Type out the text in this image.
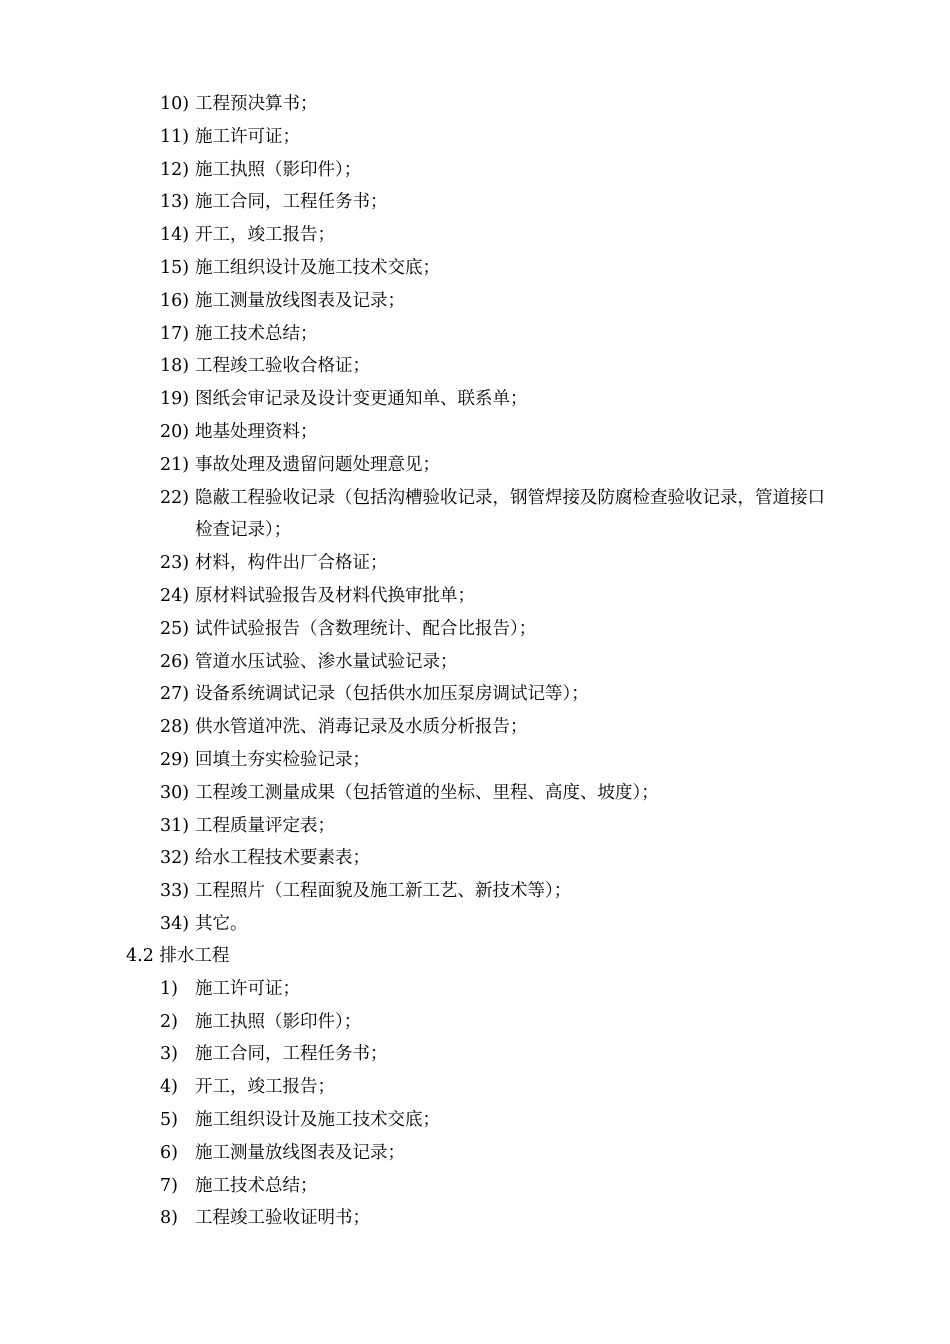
10) 工程预决算书；
11) 施工许可证；
12) 施工执照（影印件）；
13) 施工合同，工程任务书；
14) 开工，竣工报告；
15) 施工组织设计及施工技术交底；
16) 施工测量放线图表及记录；
17) 施工技术总结；
18) 工程竣工验收合格证；
19) 图纸会审记录及设计变更通知单、联系单；
20) 地基处理资料；
21) 事故处理及遗留问题处理意见；
22) 隐蔽工程验收记录（包括沟槽验收记录，钢管焊接及防腐检查验收记录，管道接口检查记录）；
23) 材料，构件出厂合格证；
24) 原材料试验报告及材料代换审批单；
25) 试件试验报告（含数理统计、配合比报告）；
26) 管道水压试验、渗水量试验记录；
27) 设备系统调试记录（包括供水加压泵房调试记等）；
28) 供水管道冲洗、消毒记录及水质分析报告；
29) 回填土夯实检验记录；
30) 工程竣工测量成果（包括管道的坐标、里程、高度、坡度）；
31) 工程质量评定表；
32) 给水工程技术要素表；
33) 工程照片（工程面貌及施工新工艺、新技术等）；
34) 其它。
4.2 排水工程
1) 施工许可证；
2) 施工执照（影印件）；
3) 施工合同，工程任务书；
4) 开工，竣工报告；
5) 施工组织设计及施工技术交底；
6) 施工测量放线图表及记录；
7) 施工技术总结；
8) 工程竣工验收证明书；
